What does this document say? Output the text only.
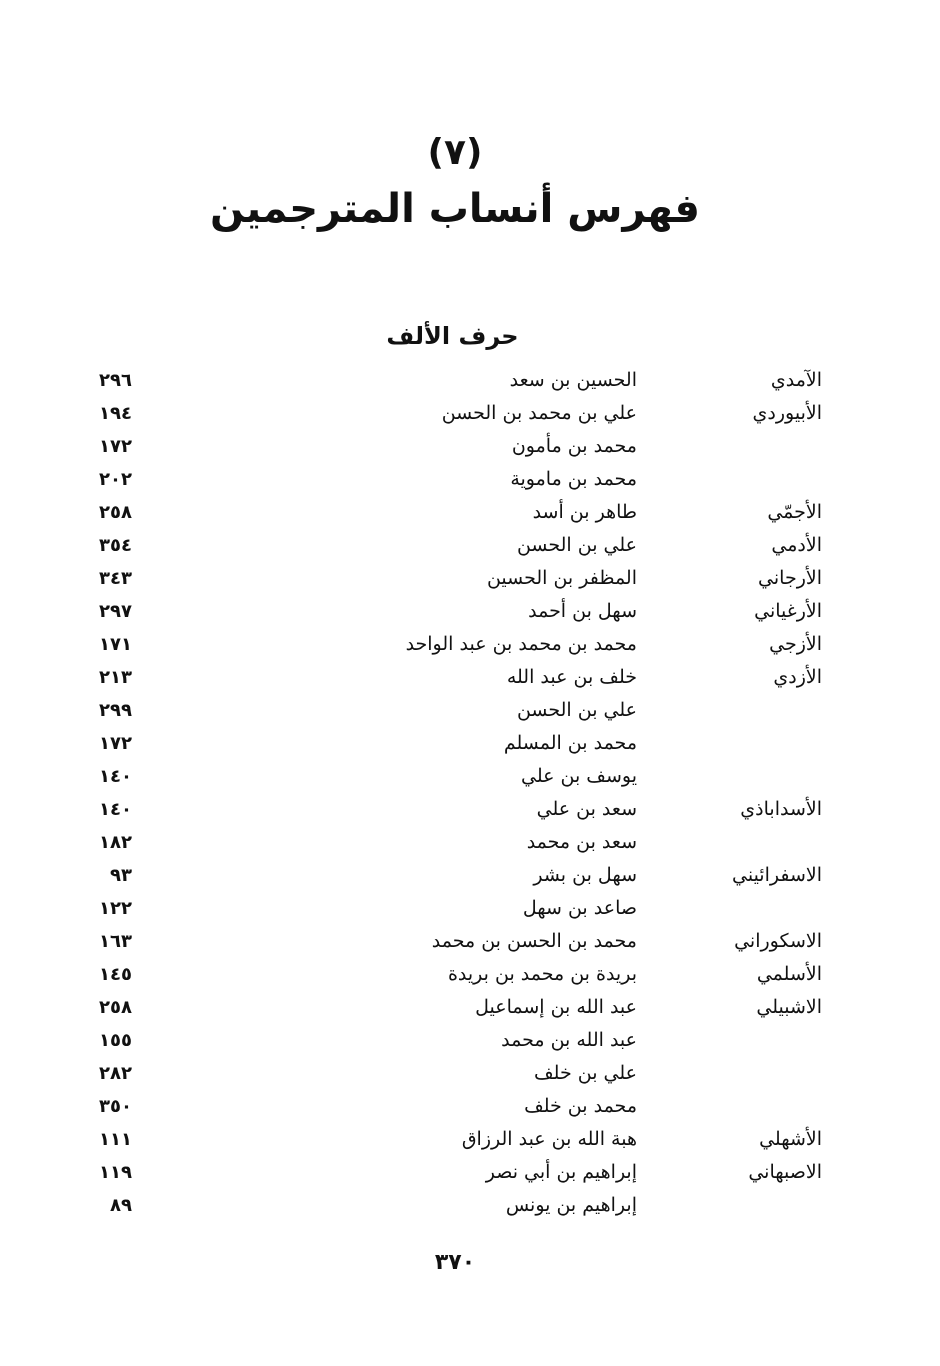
(٧)
فهرس أنساب المترجمين
حرف الألف
الآمدي
الحسين بن سعد
٢٩٦
الأبيوردي
علي بن محمد بن الحسن
١٩٤
محمد بن مأمون
١٧٢
محمد بن ماموية
٢٠٢
الأجمّي
طاهر بن أسد
٢٥٨
الأدمي
علي بن الحسن
٣٥٤
الأرجاني
المظفر بن الحسين
٣٤٣
الأرغياني
سهل بن أحمد
٢٩٧
الأزجي
محمد بن محمد بن عبد الواحد
١٧١
الأزدي
خلف بن عبد الله
٢١٣
علي بن الحسن
٢٩٩
محمد بن المسلم
١٧٢
يوسف بن علي
١٤٠
الأسداباذي
سعد بن علي
١٤٠
سعد بن محمد
١٨٢
الاسفرائيني
سهل بن بشر
٩٣
صاعد بن سهل
١٢٢
الاسكوراني
محمد بن الحسن بن محمد
١٦٣
الأسلمي
بريدة بن محمد بن بريدة
١٤٥
الاشبيلي
عبد الله بن إسماعيل
٢٥٨
عبد الله بن محمد
١٥٥
علي بن خلف
٢٨٢
محمد بن خلف
٣٥٠
الأشهلي
هبة الله بن عبد الرزاق
١١١
الاصبهاني
إبراهيم بن أبي نصر
١١٩
إبراهيم بن يونس
٨٩
٣٧٠
